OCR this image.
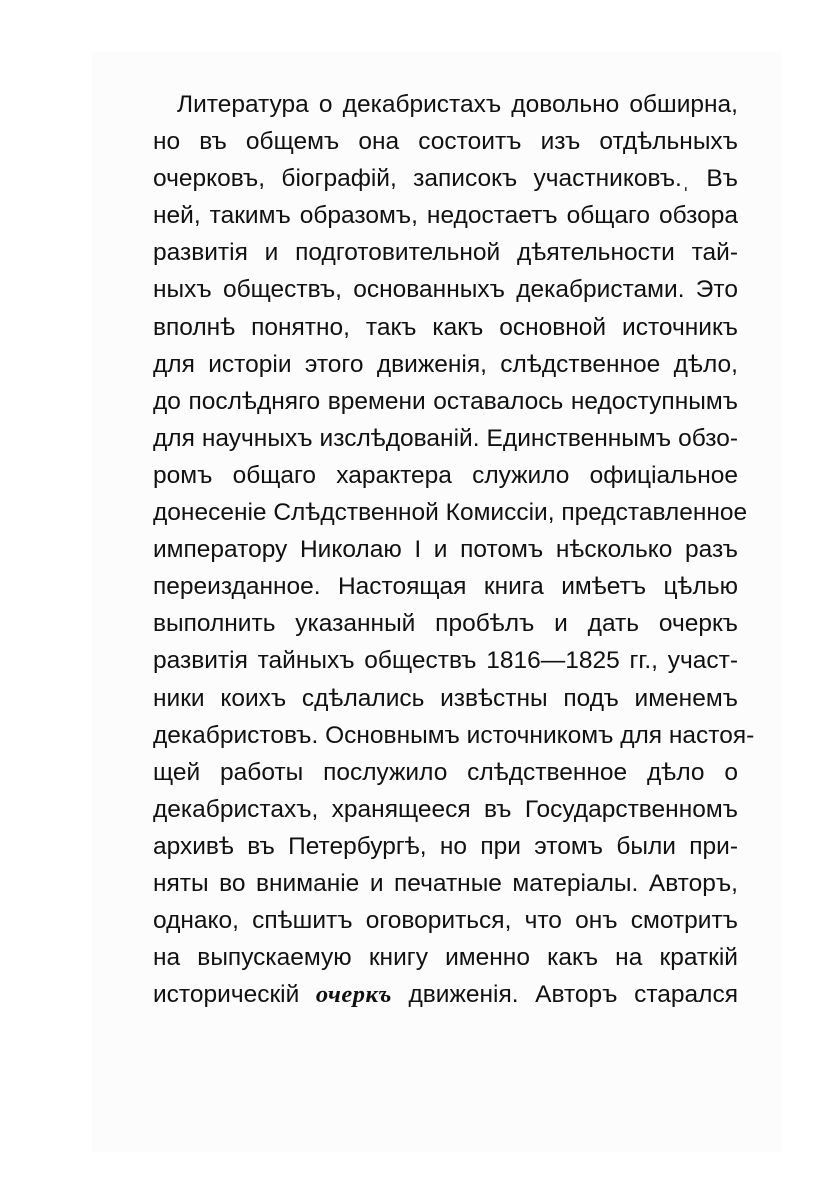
Литература о декабристахъ довольно обширна,
но въ общемъ она состоитъ изъ отдѣльныхъ
очерковъ, біографій, записокъ участниковъ.ˌ Въ
ней, такимъ образомъ, недостаетъ общаго обзора
развитія и подготовительной дѣятельности тай-
ныхъ обществъ, основанныхъ декабристами. Это
вполнѣ понятно, такъ какъ основной источникъ
для исторіи этого движенія, слѣдственное дѣло,
до послѣдняго времени оставалось недоступнымъ
для научныхъ изслѣдованій. Единственнымъ обзо-
ромъ общаго характера служило офиціальное
донесеніе Слѣдственной Комиссіи, представленное
императору Николаю I и потомъ нѣсколько разъ
переизданное. Настоящая книга имѣетъ цѣлью
выполнить указанный пробѣлъ и дать очеркъ
развитія тайныхъ обществъ 1816—1825 гг., участ-
ники коихъ сдѣлались извѣстны подъ именемъ
декабристовъ. Основнымъ источникомъ для настоя-
щей работы послужило слѣдственное дѣло о
декабристахъ, хранящееся въ Государственномъ
архивѣ въ Петербургѣ, но при этомъ были при-
няты во вниманіе и печатные матеріалы. Авторъ,
однако, спѣшитъ оговориться, что онъ смотритъ
на выпускаемую книгу именно какъ на краткій
историческій очеркъ движенія. Авторъ старался
